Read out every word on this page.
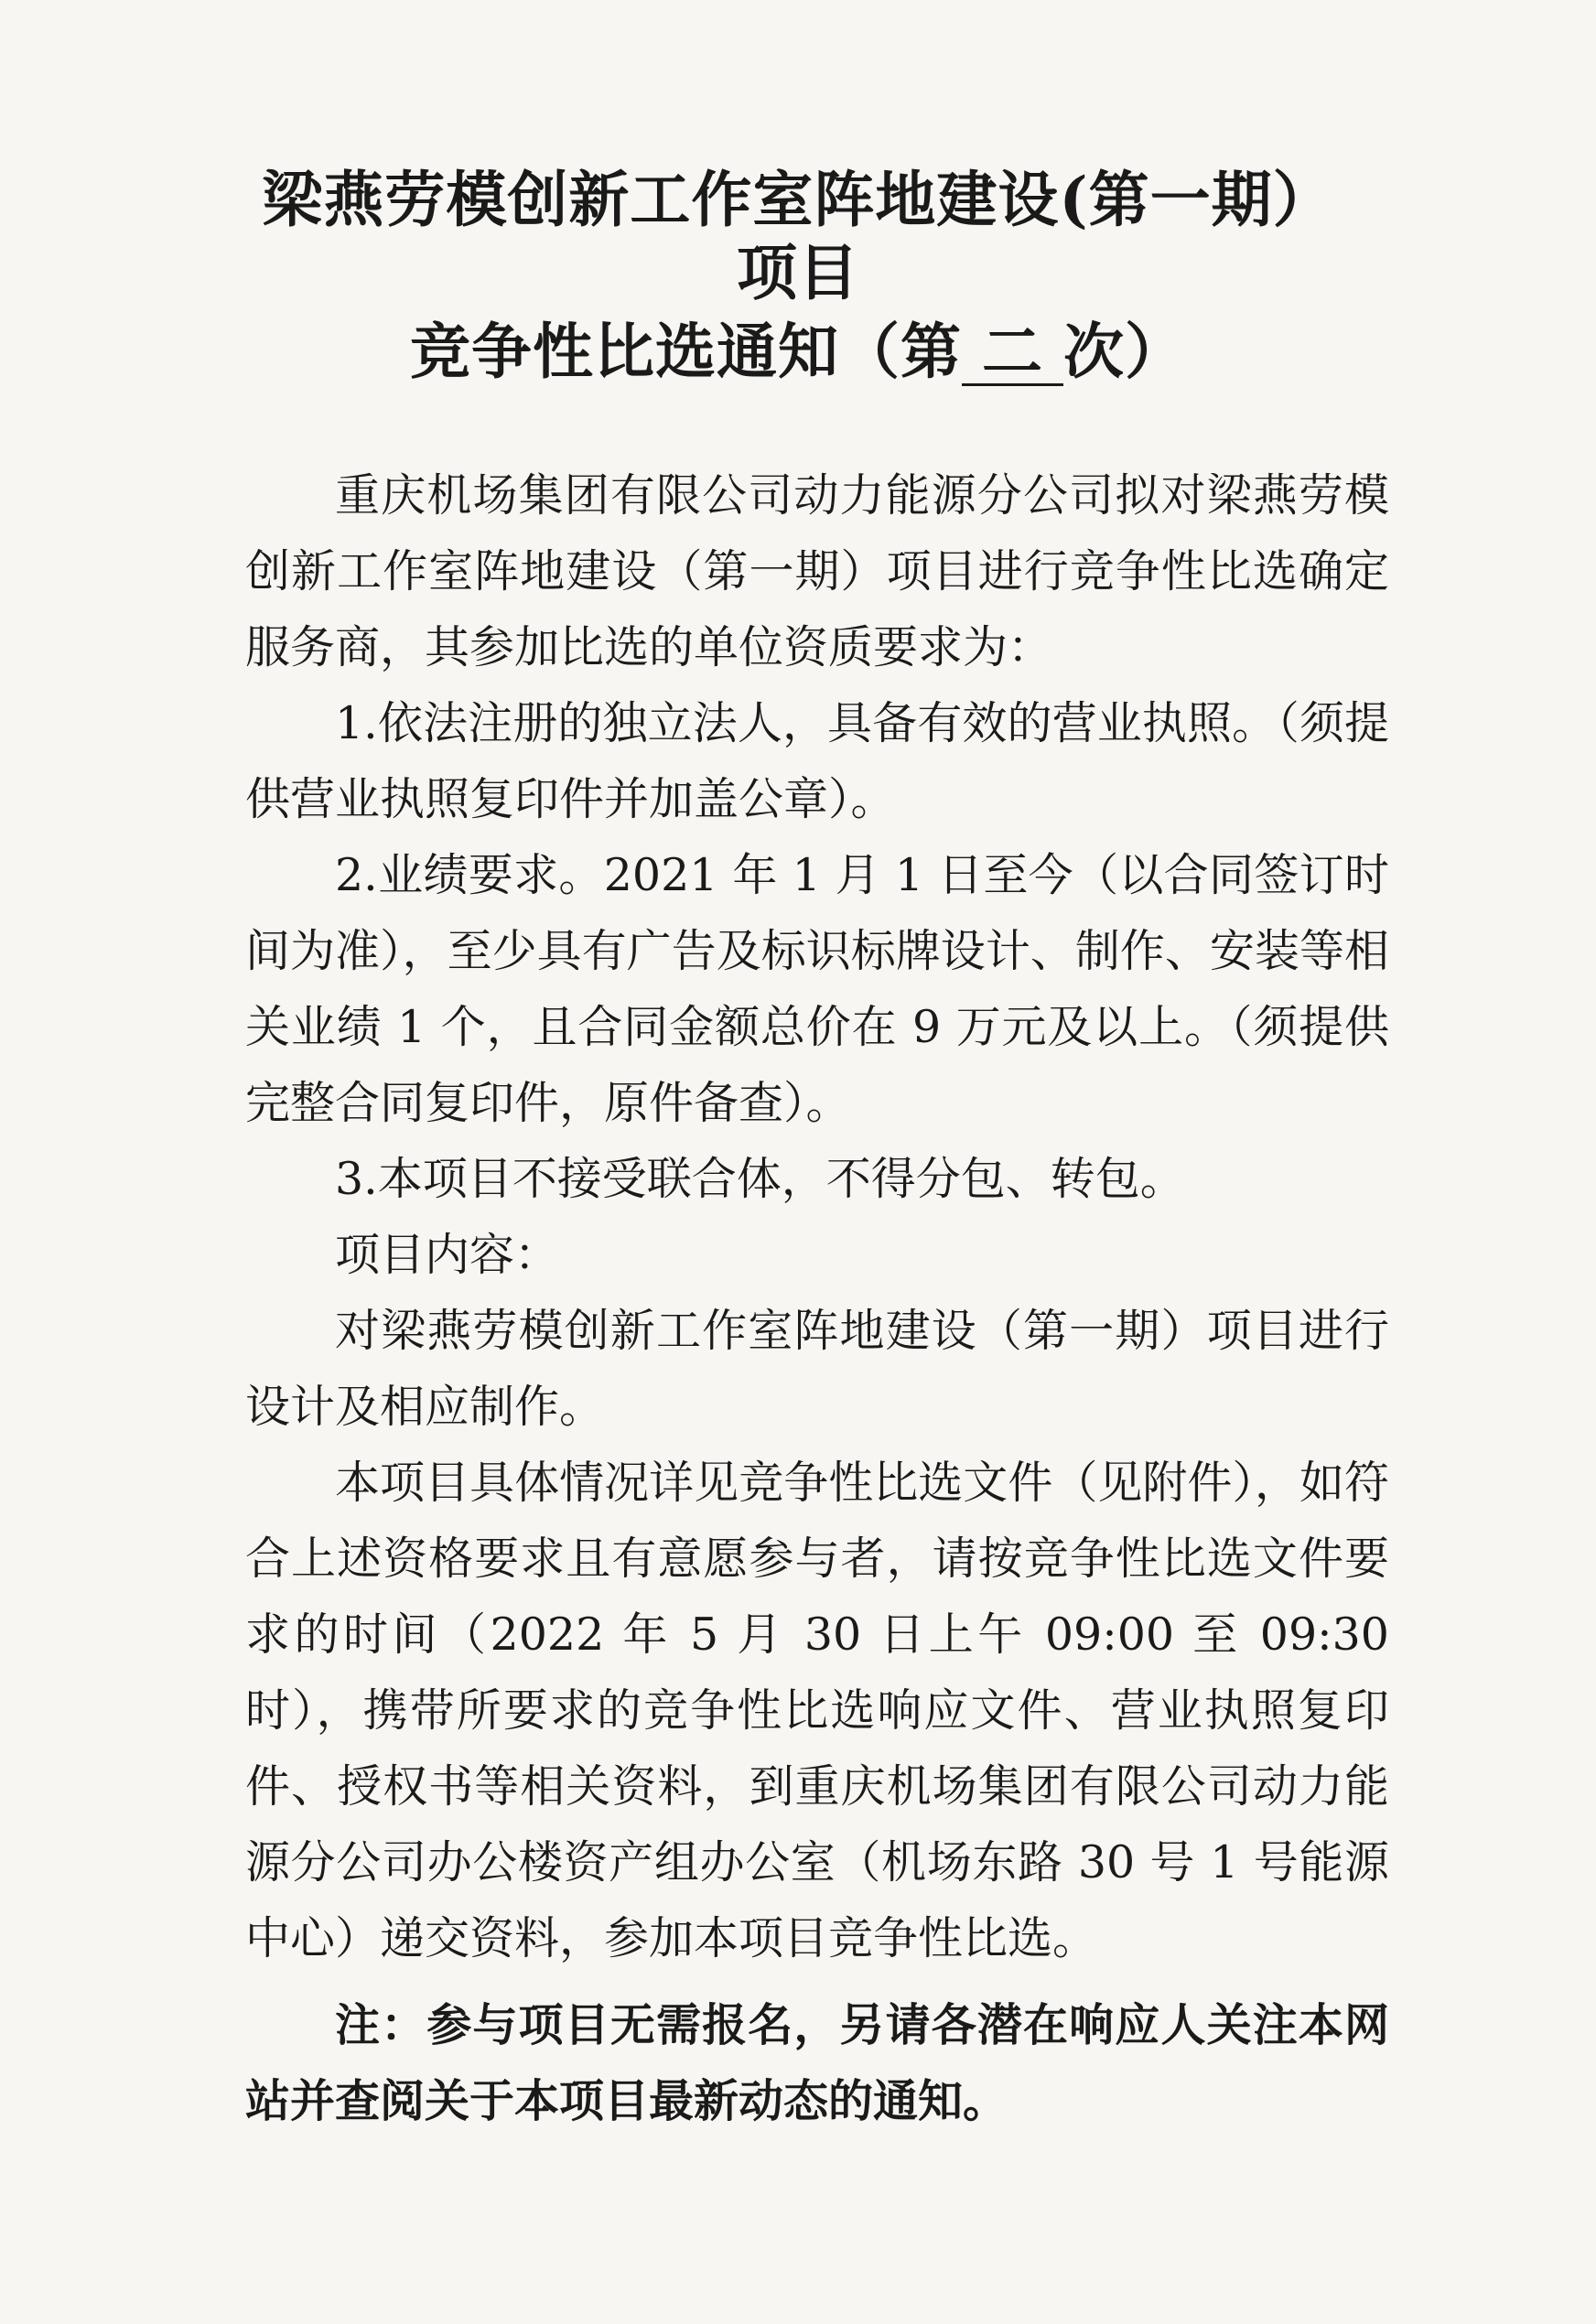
梁燕劳模创新工作室阵地建设(第一期）
项目
竞争性比选通知（第 二 次）

重庆机场集团有限公司动力能源分公司拟对梁燕劳模创新工作室阵地建设（第一期）项目进行竞争性比选确定服务商，其参加比选的单位资质要求为：

1.依法注册的独立法人，具备有效的营业执照。（须提供营业执照复印件并加盖公章）。

2.业绩要求。2021 年 1 月 1 日至今（以合同签订时间为准），至少具有广告及标识标牌设计、制作、安装等相关业绩 1 个，且合同金额总价在 9 万元及以上。（须提供完整合同复印件，原件备查）。

3.本项目不接受联合体，不得分包、转包。

项目内容：

对梁燕劳模创新工作室阵地建设（第一期）项目进行设计及相应制作。

本项目具体情况详见竞争性比选文件（见附件），如符合上述资格要求且有意愿参与者，请按竞争性比选文件要求的时间（2022 年 5 月 30 日上午 09:00 至 09:30 时），携带所要求的竞争性比选响应文件、营业执照复印件、授权书等相关资料，到重庆机场集团有限公司动力能源分公司办公楼资产组办公室（机场东路 30 号 1 号能源中心）递交资料，参加本项目竞争性比选。

注：参与项目无需报名，另请各潜在响应人关注本网站并查阅关于本项目最新动态的通知。
